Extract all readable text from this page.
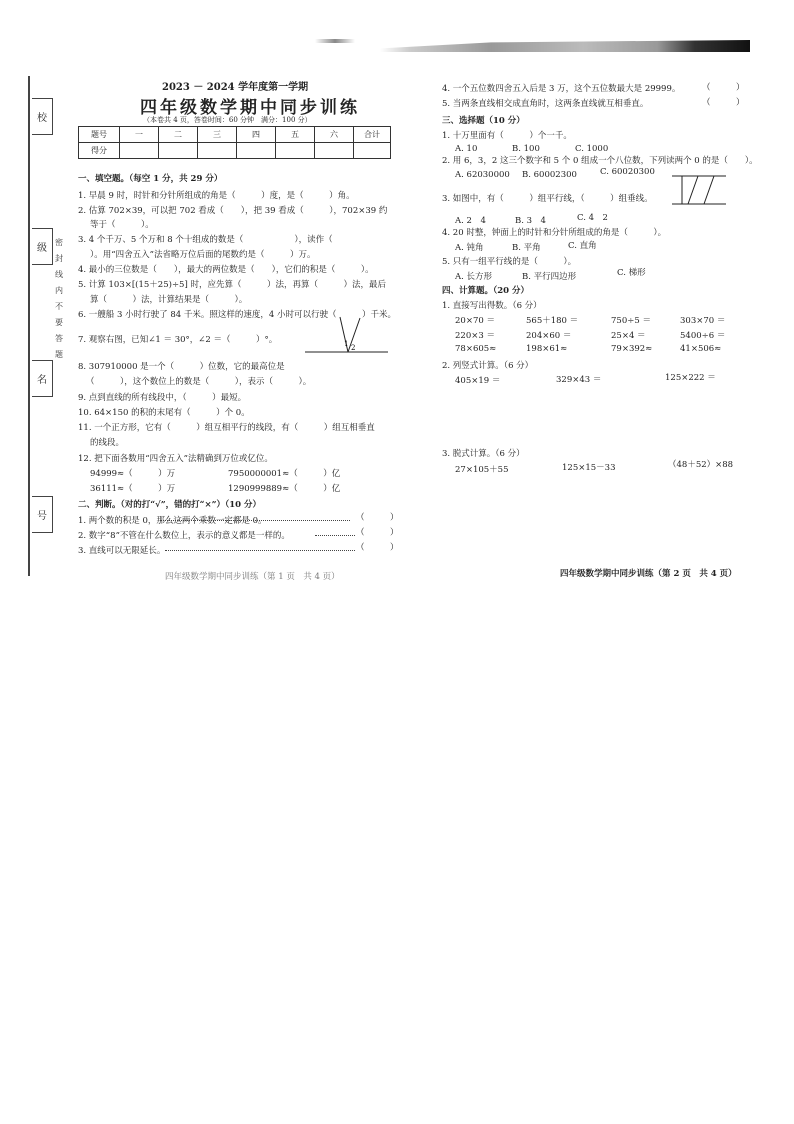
校
级
名
号
密
封
线
内
不
要
答
题
2023 － 2024 学年度第一学期
四年级数学期中同步训练
（本卷共 4 页，答卷时间：60 分钟　满分：100 分）
题号	一	二	三	四	五	六	合计
得分							
一、填空题。（每空 1 分，共 29 分）
1. 早晨 9 时，时针和分针所组成的角是（　　　）度，是（　　　）角。
2. 估算 702×39，可以把 702 看成（　　），把 39 看成（　　　），702×39 约
等于（　　　）。
3. 4 个千万、5 个万和 8 个十组成的数是（　　　　　　），读作（
）。用“四舍五入”法省略万位后面的尾数约是（　　　）万。
4. 最小的三位数是（　　），最大的两位数是（　　），它们的积是（　　　）。
5. 计算 103×[(15＋25)÷5] 时，应先算（　　　）法，再算（　　　）法，最后
算（　　　）法，计算结果是（　　　）。
6. 一艘船 3 小时行驶了 84 千米。照这样的速度，4 小时可以行驶（　　　）千米。
7. 观察右图，已知∠1 ＝ 30°，∠2 ＝（　　　）°。	1 2
8. 307910000 是一个（　　　）位数，它的最高位是
（　　　），这个数位上的数是（　　　），表示（　　　）。
9. 点到直线的所有线段中，（　　　）最短。
10. 64×150 的积的末尾有（　　　）个 0。
11. 一个正方形，它有（　　　）组互相平行的线段，有（　　　）组互相垂直
的线段。
12. 把下面各数用“四舍五入”法精确到万位或亿位。
94999≈（　　　）万	7950000001≈（　　　）亿
36111≈（　　　）万	1290999889≈（　　　）亿
二、判断。（对的打“√”，错的打“×”）（10 分）
1. 两个数的积是 0，那么这两个乘数一定都是 0。
2. 数字“8”不管在什么数位上，表示的意义都是一样的。
3. 直线可以无限延长。
（　　　）
（　　　）
（　　　）
四年级数学期中同步训练（第 1 页　共 4 页）
4. 一个五位数四舍五入后是 3 万，这个五位数最大是 29999。
5. 当两条直线相交成直角时，这两条直线就互相垂直。
（　　　）
（　　　）
三、选择题（10 分）
1. 十万里面有（　　　）个一千。
A. 10	B. 100	C. 1000
2. 用 6，3，2 这三个数字和 5 个 0 组成一个八位数，下列读两个 0 的是（　　）。
A. 62030000 B. 60002300	C. 60020300
3. 如图中，有（　　　）组平行线，（　　　）组垂线。
A. 2　4	B. 3　4	C. 4　2
4. 20 时整，钟面上的时针和分针所组成的角是（　　　）。
A. 钝角	B. 平角	C. 直角
5. 只有一组平行线的是（　　　）。
A. 长方形	B. 平行四边形	C. 梯形
四、计算题。（20 分）
1. 直接写出得数。（6 分）
20×70 ＝	565＋180 ＝	750÷5 ＝	303×70 ＝
220×3 ＝	204×60 ＝	25×4 ＝	5400÷6 ＝
78×605≈	198×61≈	79×392≈	41×506≈
2. 列竖式计算。（6 分）
405×19 ＝	329×43 ＝	125×222 ＝
3. 脱式计算。（6 分）
27×105＋55	125×15－33	（48＋52）×88
四年级数学期中同步训练（第 2 页　共 4 页）
